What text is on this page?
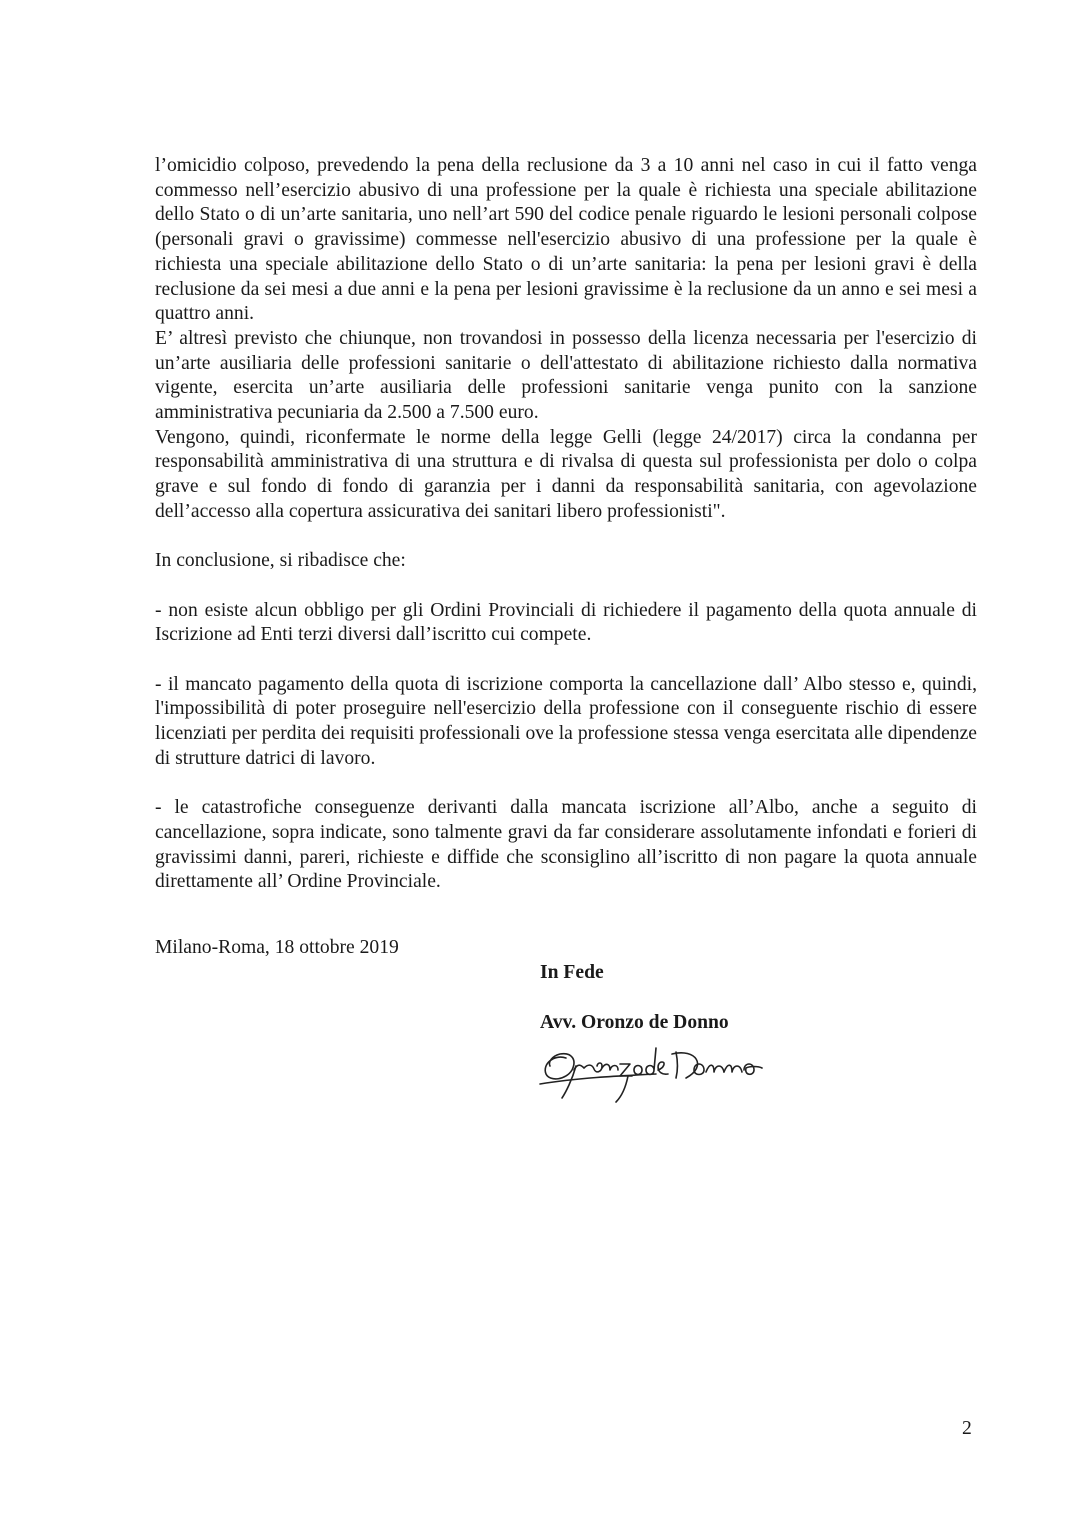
l’omicidio colposo, prevedendo la pena della reclusione da 3 a 10 anni nel caso in cui il fatto venga commesso nell’esercizio abusivo di una professione per la quale è richiesta una speciale abilitazione dello Stato o di un’arte sanitaria, uno nell’art 590 del codice penale riguardo le lesioni personali colpose (personali gravi o gravissime) commesse nell'esercizio abusivo di una professione per la quale è richiesta una speciale abilitazione dello Stato o di un’arte sanitaria: la pena per lesioni gravi è della reclusione da sei mesi a due anni e la pena per lesioni gravissime è la reclusione da un anno e sei mesi a quattro anni.

E’ altresì previsto che chiunque, non trovandosi in possesso della licenza necessaria per l'esercizio di un’arte ausiliaria delle professioni sanitarie o dell'attestato di abilitazione richiesto dalla normativa vigente, esercita un’arte ausiliaria delle professioni sanitarie venga punito con la sanzione amministrativa pecuniaria da 2.500 a 7.500 euro.

Vengono, quindi, riconfermate le norme della legge Gelli (legge 24/2017) circa la condanna per responsabilità amministrativa di una struttura e di rivalsa di questa sul professionista per dolo o colpa grave e sul fondo di fondo di garanzia per i danni da responsabilità sanitaria, con agevolazione dell’accesso alla copertura assicurativa dei sanitari libero professionisti".

In conclusione, si ribadisce che:

- non esiste alcun obbligo per gli Ordini Provinciali di richiedere il pagamento della quota annuale di Iscrizione ad Enti terzi diversi dall’iscritto cui compete.

- il mancato pagamento della quota di iscrizione comporta la cancellazione dall’ Albo stesso e, quindi, l'impossibilità di poter proseguire nell'esercizio della professione con il conseguente rischio di essere licenziati per perdita dei requisiti professionali ove la professione stessa venga esercitata alle dipendenze di strutture datrici di lavoro.

- le catastrofiche conseguenze derivanti dalla mancata iscrizione all’Albo, anche a seguito di cancellazione, sopra indicate, sono talmente gravi da far considerare assolutamente infondati e forieri di gravissimi danni, pareri, richieste e diffide che sconsiglino all’iscritto di non pagare la quota annuale direttamente all’ Ordine Provinciale.

Milano-Roma, 18 ottobre 2019
In Fede
Avv. Oronzo de Donno
2
